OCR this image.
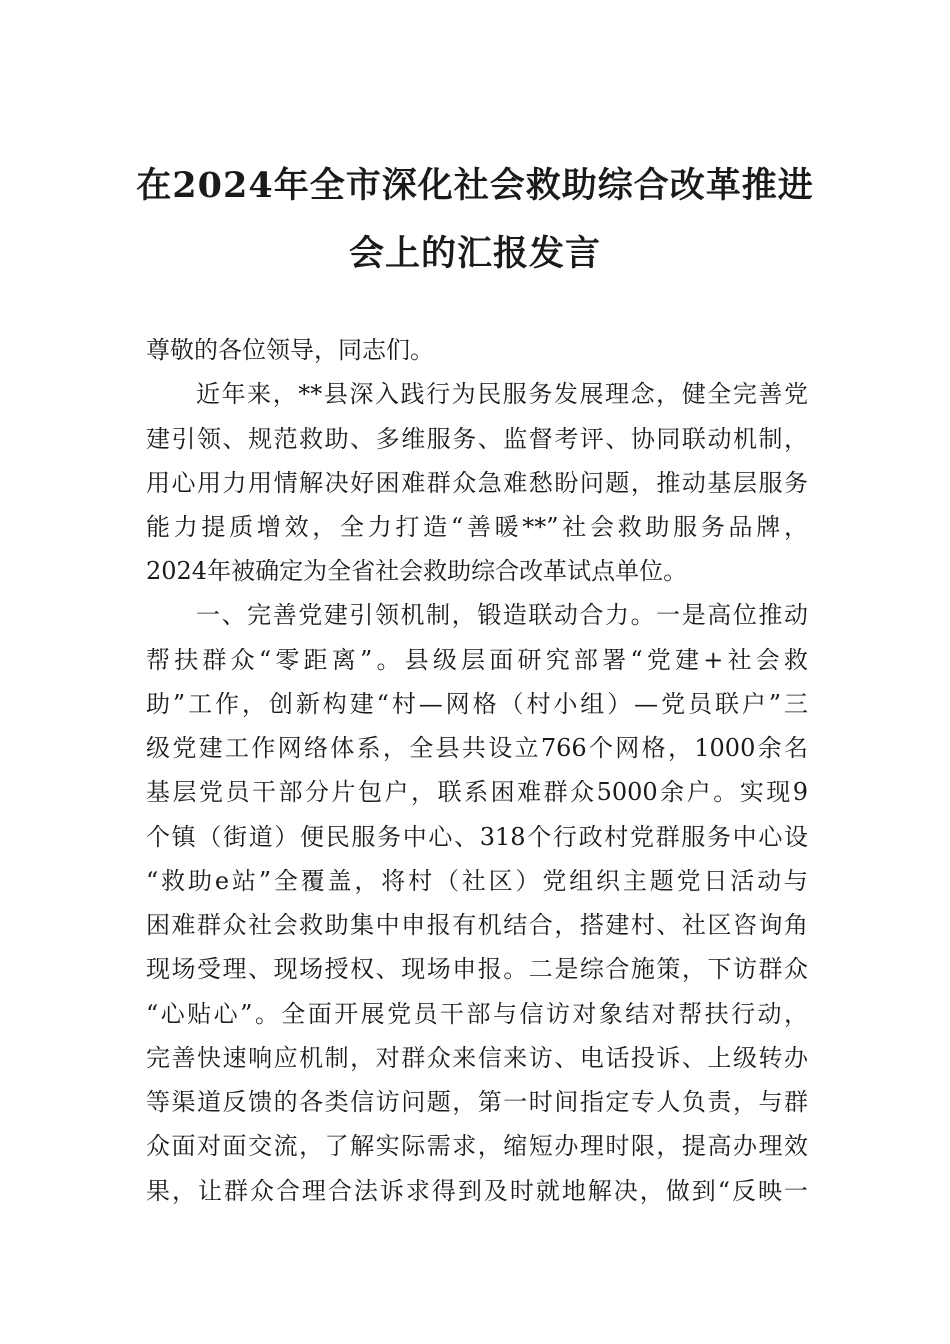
在2024年全市深化社会救助综合改革推进
会上的汇报发言
尊敬的各位领导，同志们。
近年来，**县深入践行为民服务发展理念，健全完善党
建引领、规范救助、多维服务、监督考评、协同联动机制，
用心用力用情解决好困难群众急难愁盼问题，推动基层服务
能力提质增效，全力打造“善暖**”社会救助服务品牌，
2024年被确定为全省社会救助综合改革试点单位。
一、完善党建引领机制，锻造联动合力。一是高位推动
帮扶群众“零距离”。县级层面研究部署“党建+社会救
助”工作，创新构建“村—网格（村小组）—党员联户”三
级党建工作网络体系，全县共设立766个网格，1000余名
基层党员干部分片包户，联系困难群众5000余户。实现9
个镇（街道）便民服务中心、318个行政村党群服务中心设
“救助e站”全覆盖，将村（社区）党组织主题党日活动与
困难群众社会救助集中申报有机结合，搭建村、社区咨询角
现场受理、现场授权、现场申报。二是综合施策，下访群众
“心贴心”。全面开展党员干部与信访对象结对帮扶行动，
完善快速响应机制，对群众来信来访、电话投诉、上级转办
等渠道反馈的各类信访问题，第一时间指定专人负责，与群
众面对面交流，了解实际需求，缩短办理时限，提高办理效
果，让群众合理合法诉求得到及时就地解决，做到“反映一
